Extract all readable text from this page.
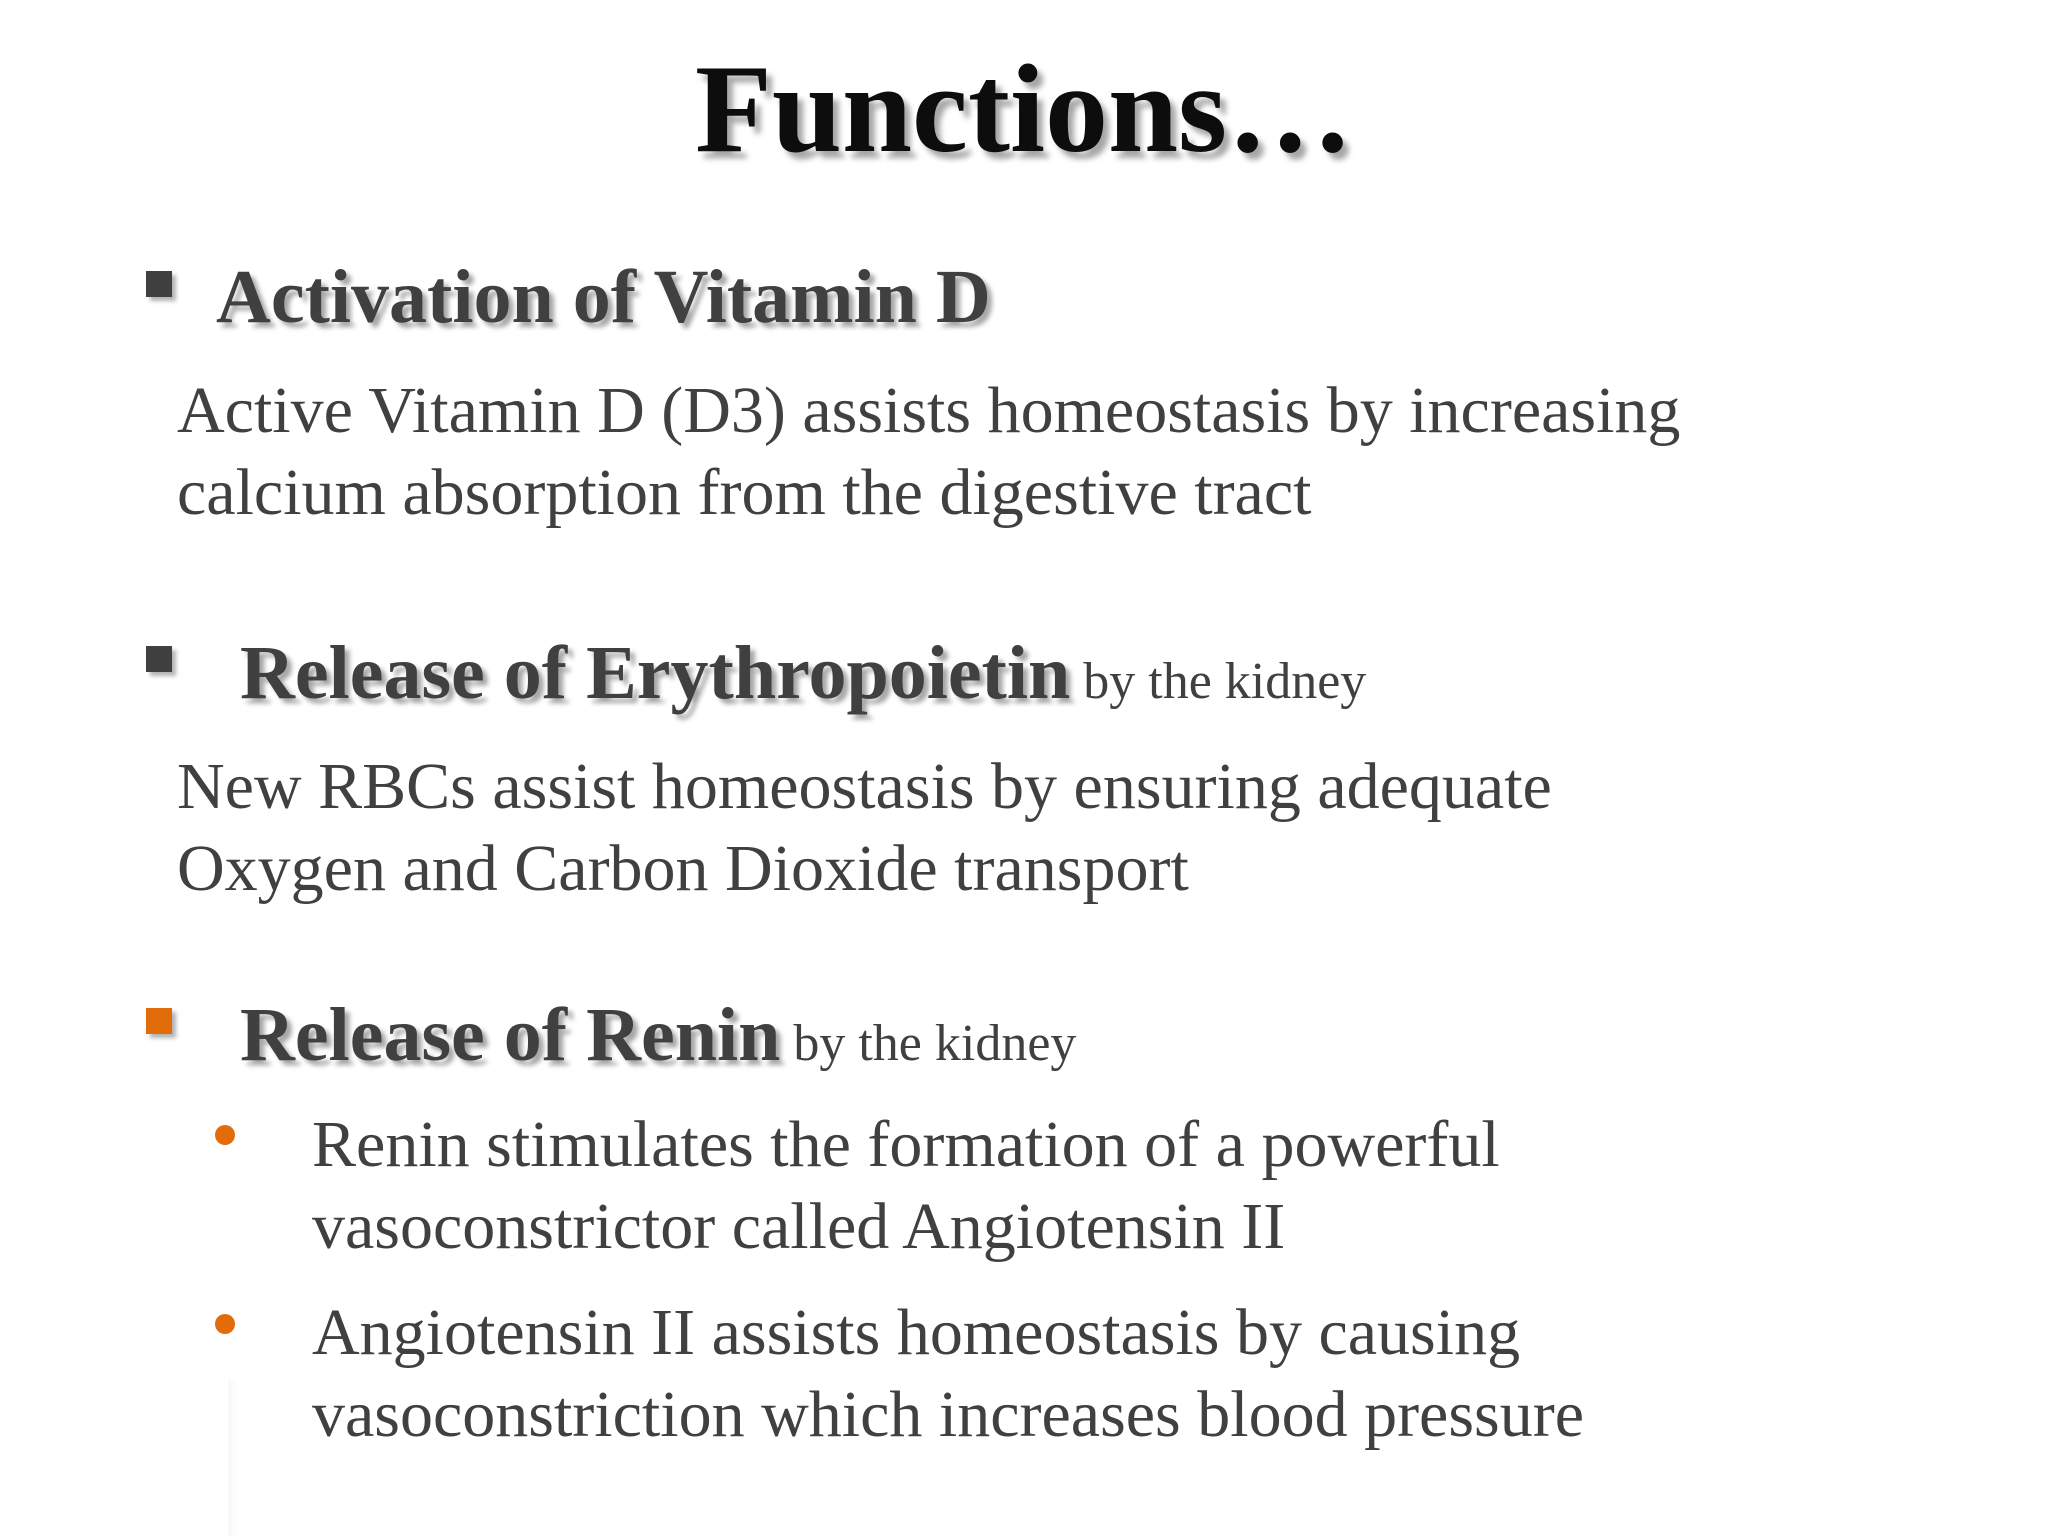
Functions…
Activation of Vitamin D
Active Vitamin D (D3) assists homeostasis by increasing
calcium absorption from the digestive tract
Release of Erythropoietin by the kidney
New RBCs assist homeostasis by ensuring adequate
Oxygen and Carbon Dioxide transport
Release of Renin by the kidney
Renin stimulates the formation of a powerful
vasoconstrictor called Angiotensin II
Angiotensin II assists homeostasis by causing
vasoconstriction which increases blood pressure
